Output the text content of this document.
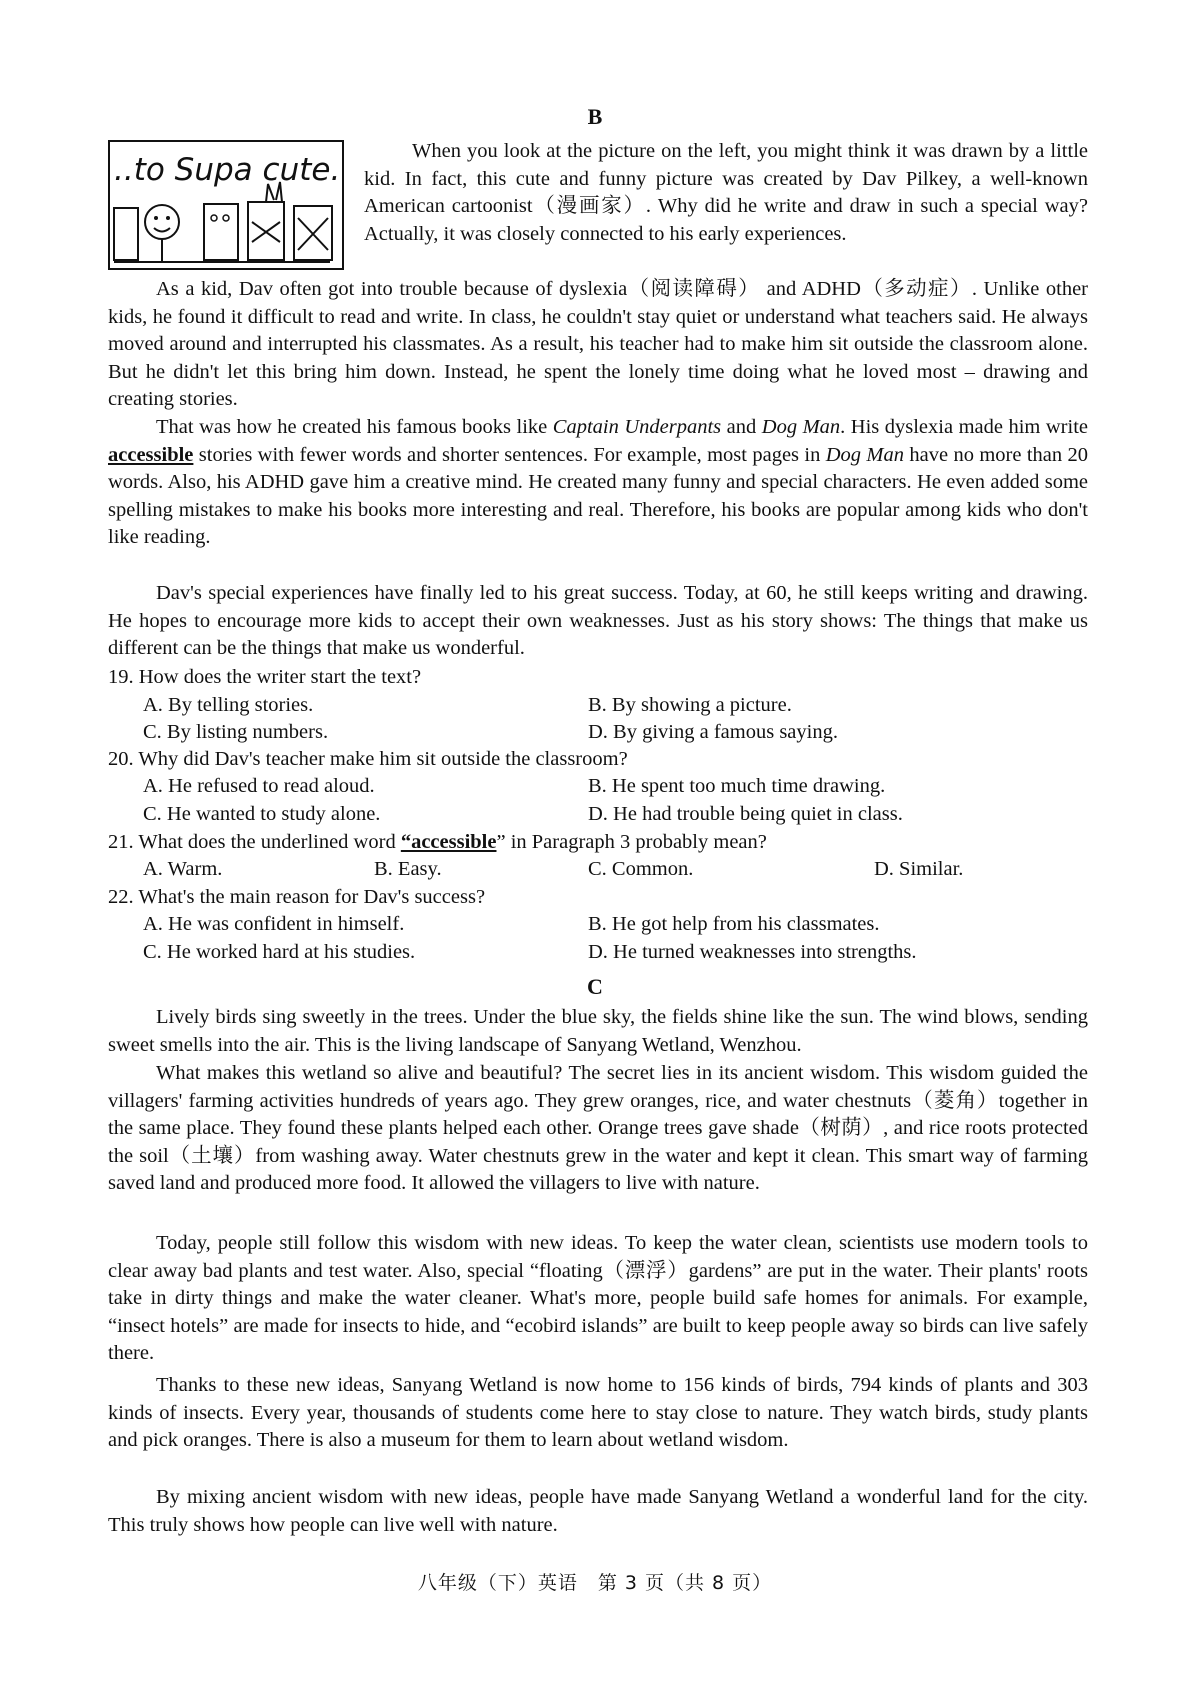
B
..to Supa cute.

When you look at the picture on the left, you might think it was drawn by a little kid. In fact, this cute and funny picture was created by Dav Pilkey, a well-known American cartoonist（漫画家）. Why did he write and draw in such a special way? Actually, it was closely connected to his early experiences.

As a kid, Dav often got into trouble because of dyslexia（阅读障碍） and ADHD（多动症）. Unlike other kids, he found it difficult to read and write. In class, he couldn't stay quiet or understand what teachers said. He always moved around and interrupted his classmates. As a result, his teacher had to make him sit outside the classroom alone. But he didn't let this bring him down. Instead, he spent the lonely time doing what he loved most – drawing and creating stories.

That was how he created his famous books like Captain Underpants and Dog Man. His dyslexia made him write accessible stories with fewer words and shorter sentences. For example, most pages in Dog Man have no more than 20 words. Also, his ADHD gave him a creative mind. He created many funny and special characters. He even added some spelling mistakes to make his books more interesting and real. Therefore, his books are popular among kids who don't like reading.

Dav's special experiences have finally led to his great success. Today, at 60, he still keeps writing and drawing. He hopes to encourage more kids to accept their own weaknesses. Just as his story shows: The things that make us different can be the things that make us wonderful.

19. How does the writer start the text?
A. By telling stories.	B. By showing a picture.
C. By listing numbers.	D. By giving a famous saying.
20. Why did Dav's teacher make him sit outside the classroom?
A. He refused to read aloud.	B. He spent too much time drawing.
C. He wanted to study alone.	D. He had trouble being quiet in class.
21. What does the underlined word “accessible” in Paragraph 3 probably mean?
A. Warm.	B. Easy.	C. Common.	D. Similar.
22. What's the main reason for Dav's success?
A. He was confident in himself.	B. He got help from his classmates.
C. He worked hard at his studies.	D. He turned weaknesses into strengths.
C

Lively birds sing sweetly in the trees. Under the blue sky, the fields shine like the sun. The wind blows, sending sweet smells into the air. This is the living landscape of Sanyang Wetland, Wenzhou.

What makes this wetland so alive and beautiful? The secret lies in its ancient wisdom. This wisdom guided the villagers' farming activities hundreds of years ago. They grew oranges, rice, and water chestnuts（菱角）together in the same place. They found these plants helped each other. Orange trees gave shade（树荫）, and rice roots protected the soil（土壤）from washing away. Water chestnuts grew in the water and kept it clean. This smart way of farming saved land and produced more food. It allowed the villagers to live with nature.

Today, people still follow this wisdom with new ideas. To keep the water clean, scientists use modern tools to clear away bad plants and test water. Also, special “floating（漂浮）gardens” are put in the water. Their plants' roots take in dirty things and make the water cleaner. What's more, people build safe homes for animals. For example, “insect hotels” are made for insects to hide, and “ecobird islands” are built to keep people away so birds can live safely there.

Thanks to these new ideas, Sanyang Wetland is now home to 156 kinds of birds, 794 kinds of plants and 303 kinds of insects. Every year, thousands of students come here to stay close to nature. They watch birds, study plants and pick oranges. There is also a museum for them to learn about wetland wisdom.

By mixing ancient wisdom with new ideas, people have made Sanyang Wetland a wonderful land for the city. This truly shows how people can live well with nature.

八年级（下）英语　第 3 页（共 8 页）
